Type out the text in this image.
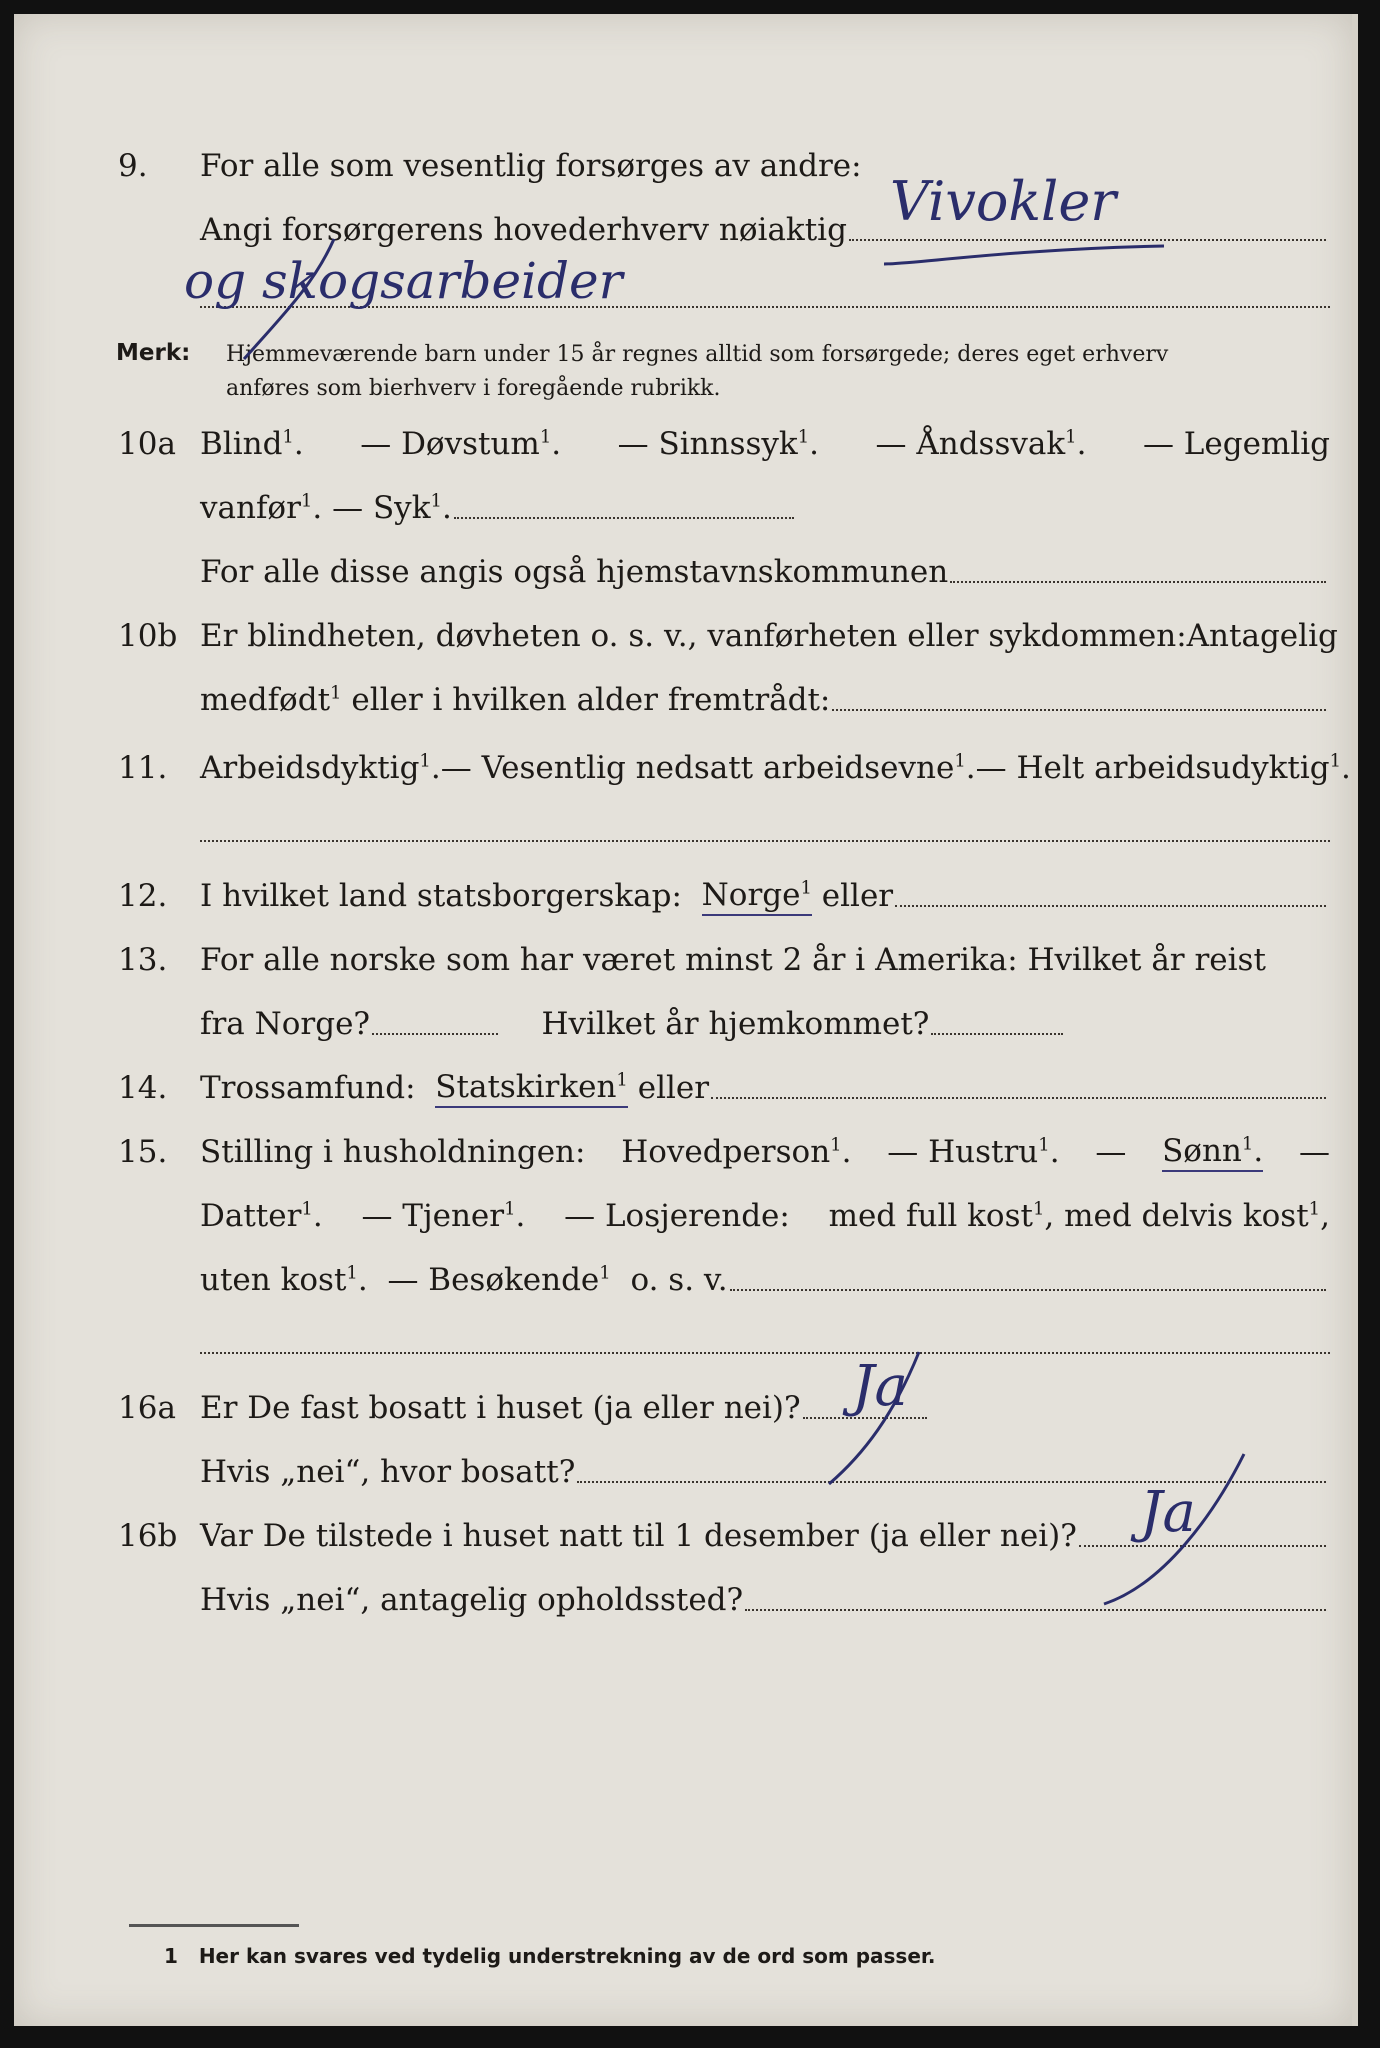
9.	For alle som vesentlig forsørges av andre:
Angi forsørgerens hovederhverv nøiaktig Vivokler
og skogsarbeider
Merk: Hjemmeværende barn under 15 år regnes alltid som forsørgede; deres eget erhverv
anføres som bierhverv i foregående rubrikk.
10a Blind$^1$. — Døvstum$^1$. — Sinnssyk$^1$. — Åndssvak$^1$. — Legemlig
vanfør$^1$.
— Syk$^1$.
For alle disse angis også hjemstavnskommunen
10b Er blindheten, døvheten o. s. v., vanførheten eller sykdommen: Antagelig
medfødt$^1$
eller i hvilken alder fremtrådt:
11.	Arbeidsdyktig$^1$. — Vesentlig nedsatt arbeidsevne$^1$. — Helt arbeidsudyktig$^1$.
12.	I hvilket land statsborgerskap:
Norge$^1$
eller
13.	For alle norske som har været minst 2 år i Amerika: Hvilket år reist
fra Norge?
	Hvilket år hjemkommet?
14.	Trossamfund:
Statskirken$^1$
eller
15.	Stilling i husholdningen: Hovedperson$^1$. — Hustru$^1$. — Sønn$^1$. —
Datter$^1$. — Tjener$^1$. — Losjerende: med full kost$^1$, med delvis kost$^1$,
uten kost$^1$.
— Besøkende$^1$
o. s. v.
16a Er De fast bosatt i huset (ja eller nei)? Ja
Hvis „nei“, hvor bosatt?
16b Var De tilstede i huset natt til 1 desember (ja eller nei)? Ja
Hvis „nei“, antagelig opholdssted?
1 Her kan svares ved tydelig understrekning av de ord som passer.
